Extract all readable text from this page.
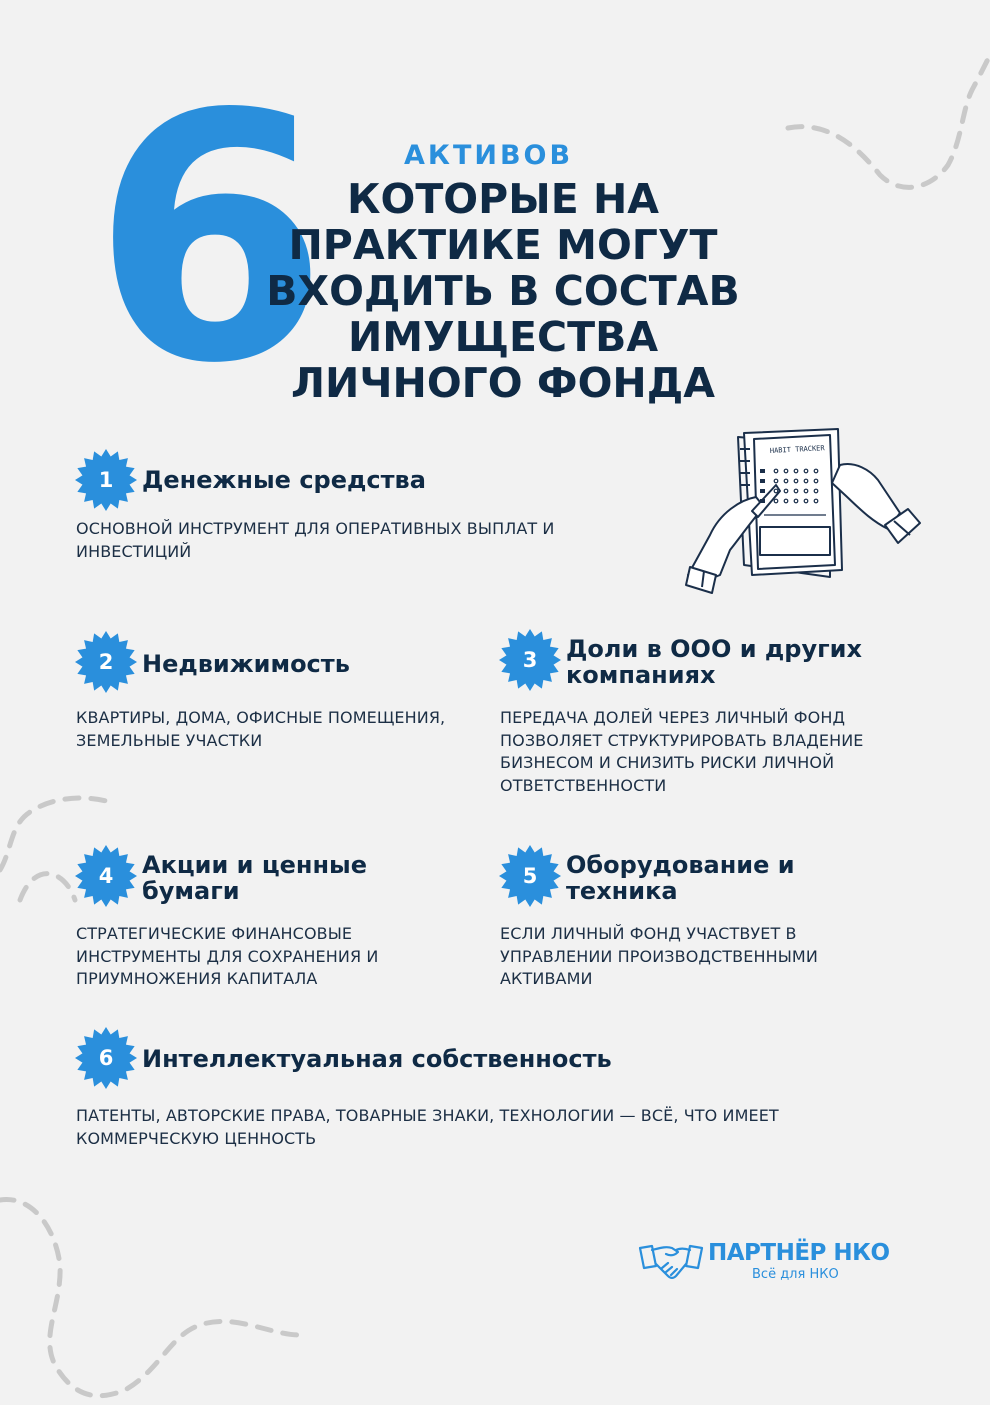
6	АКТИВОВ
КОТОРЫЕ НА
ПРАКТИКЕ МОГУТ
ВХОДИТЬ В СОСТАВ
ИМУЩЕСТВА
ЛИЧНОГО ФОНДА
HABIT TRACKER
1	Денежные средства

ОСНОВНОЙ ИНСТРУМЕНТ ДЛЯ ОПЕРАТИВНЫХ ВЫПЛАТ И
ИНВЕСТИЦИЙ

2	Недвижимость

КВАРТИРЫ, ДОМА, ОФИСНЫЕ ПОМЕЩЕНИЯ,
ЗЕМЕЛЬНЫЕ УЧАСТКИ

3	Доли в ООО и других
компаниях

ПЕРЕДАЧА ДОЛЕЙ ЧЕРЕЗ ЛИЧНЫЙ ФОНД
ПОЗВОЛЯЕТ СТРУКТУРИРОВАТЬ ВЛАДЕНИЕ
БИЗНЕСОМ И СНИЗИТЬ РИСКИ ЛИЧНОЙ
ОТВЕТСТВЕННОСТИ

4	Акции и ценные
бумаги

СТРАТЕГИЧЕСКИЕ ФИНАНСОВЫЕ
ИНСТРУМЕНТЫ ДЛЯ СОХРАНЕНИЯ И
ПРИУМНОЖЕНИЯ КАПИТАЛА

5	Оборудование и
техника

ЕСЛИ ЛИЧНЫЙ ФОНД УЧАСТВУЕТ В
УПРАВЛЕНИИ ПРОИЗВОДСТВЕННЫМИ
АКТИВАМИ

6	Интеллектуальная собственность

ПАТЕНТЫ, АВТОРСКИЕ ПРАВА, ТОВАРНЫЕ ЗНАКИ, ТЕХНОЛОГИИ — ВСЁ, ЧТО ИМЕЕТ
КОММЕРЧЕСКУЮ ЦЕННОСТЬ

ПАРТНЁР НКО
Всё для НКО
